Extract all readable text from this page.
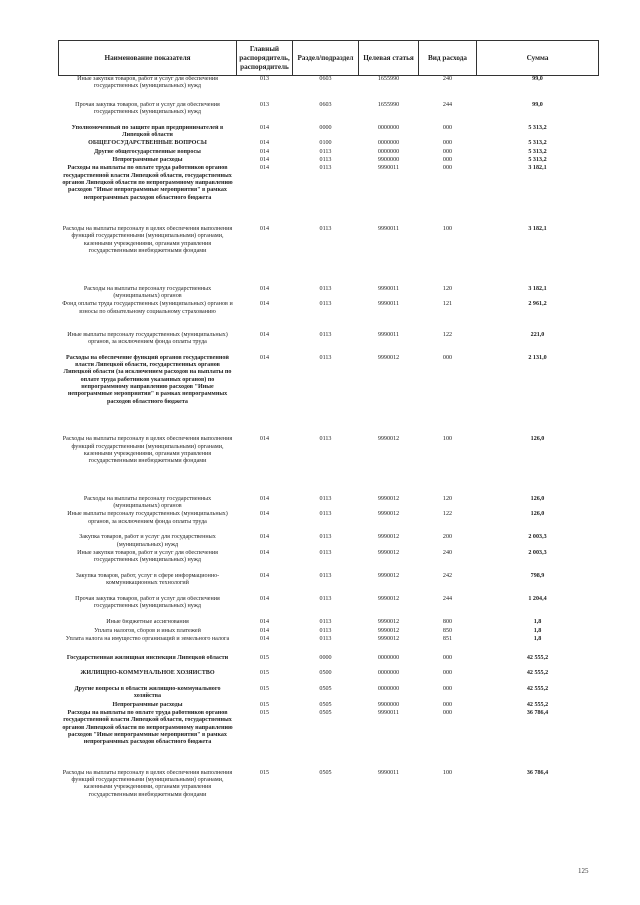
Наименование показателя	Главный распорядитель, распорядитель	Раздел/подраздел	Целевая статья	Вид расхода	Сумма
Иные закупки товаров, работ и услуг для обеспечения государственных (муниципальных) нужд	013	0603	1655990	240	99,0
Прочая закупка товаров, работ и услуг для обеспечения государственных (муниципальных) нужд	013	0603	1655990	244	99,0
Уполномоченный по защите прав предпринимателей в Липецкой области	014	0000	0000000	000	5 313,2
ОБЩЕГОСУДАРСТВЕННЫЕ ВОПРОСЫ	014	0100	0000000	000	5 313,2
Другие общегосударственные вопросы	014	0113	0000000	000	5 313,2
Непрограммные расходы	014	0113	9900000	000	5 313,2
Расходы на выплаты по оплате труда работников органов государственной власти Липецкой области, государственных органов Липецкой области по непрограммному направлению расходов "Иные непрограммные мероприятия" в рамках непрограммных расходов областного бюджета	014	0113	9990011	000	3 182,1
Расходы на выплаты персоналу в целях обеспечения выполнения функций государственными (муниципальными) органами, казенными учреждениями, органами управления государственными внебюджетными фондами	014	0113	9990011	100	3 182,1
Расходы на выплаты персоналу государственных (муниципальных) органов	014	0113	9990011	120	3 182,1
Фонд оплаты труда государственных (муниципальных) органов и взносы по обязательному социальному страхованию	014	0113	9990011	121	2 961,2
Иные выплаты персоналу государственных (муниципальных) органов, за исключением фонда оплаты труда	014	0113	9990011	122	221,0
Расходы на обеспечение функций органов государственной власти Липецкой области, государственных органов Липецкой области (за исключением расходов на выплаты по оплате труда работников указанных органов) по непрограммному направлению расходов "Иные непрограммные мероприятия" в рамках непрограммных расходов областного бюджета	014	0113	9990012	000	2 131,0
Расходы на выплаты персоналу в целях обеспечения выполнения функций государственными (муниципальными) органами, казенными учреждениями, органами управления государственными внебюджетными фондами	014	0113	9990012	100	126,0
Расходы на выплаты персоналу государственных (муниципальных) органов	014	0113	9990012	120	126,0
Иные выплаты персоналу государственных (муниципальных) органов, за исключением фонда оплаты труда	014	0113	9990012	122	126,0
Закупка товаров, работ и услуг для государственных (муниципальных) нужд	014	0113	9990012	200	2 003,3
Иные закупки товаров, работ и услуг для обеспечения государственных (муниципальных) нужд	014	0113	9990012	240	2 003,3
Закупка товаров, работ, услуг в сфере информационно-коммуникационных технологий	014	0113	9990012	242	798,9
Прочая закупка товаров, работ и услуг для обеспечения государственных (муниципальных) нужд	014	0113	9990012	244	1 204,4
Иные бюджетные ассигнования	014	0113	9990012	800	1,8
Уплата налогов, сборов и иных платежей	014	0113	9990012	850	1,8
Уплата налога на имущество организаций и земельного налога	014	0113	9990012	851	1,8
Государственная жилищная инспекция Липецкой области	015	0000	0000000	000	42 555,2
ЖИЛИЩНО-КОММУНАЛЬНОЕ ХОЗЯЙСТВО	015	0500	0000000	000	42 555,2
Другие вопросы в области жилищно-коммунального хозяйства	015	0505	0000000	000	42 555,2
Непрограммные расходы	015	0505	9900000	000	42 555,2
Расходы на выплаты по оплате труда работников органов государственной власти Липецкой области, государственных органов Липецкой области по непрограммному направлению расходов "Иные непрограммные мероприятия" в рамках непрограммных расходов областного бюджета	015	0505	9990011	000	36 786,4
Расходы на выплаты персоналу в целях обеспечения выполнения функций государственными (муниципальными) органами, казенными учреждениями, органами управления государственными внебюджетными фондами	015	0505	9990011	100	36 786,4
125
